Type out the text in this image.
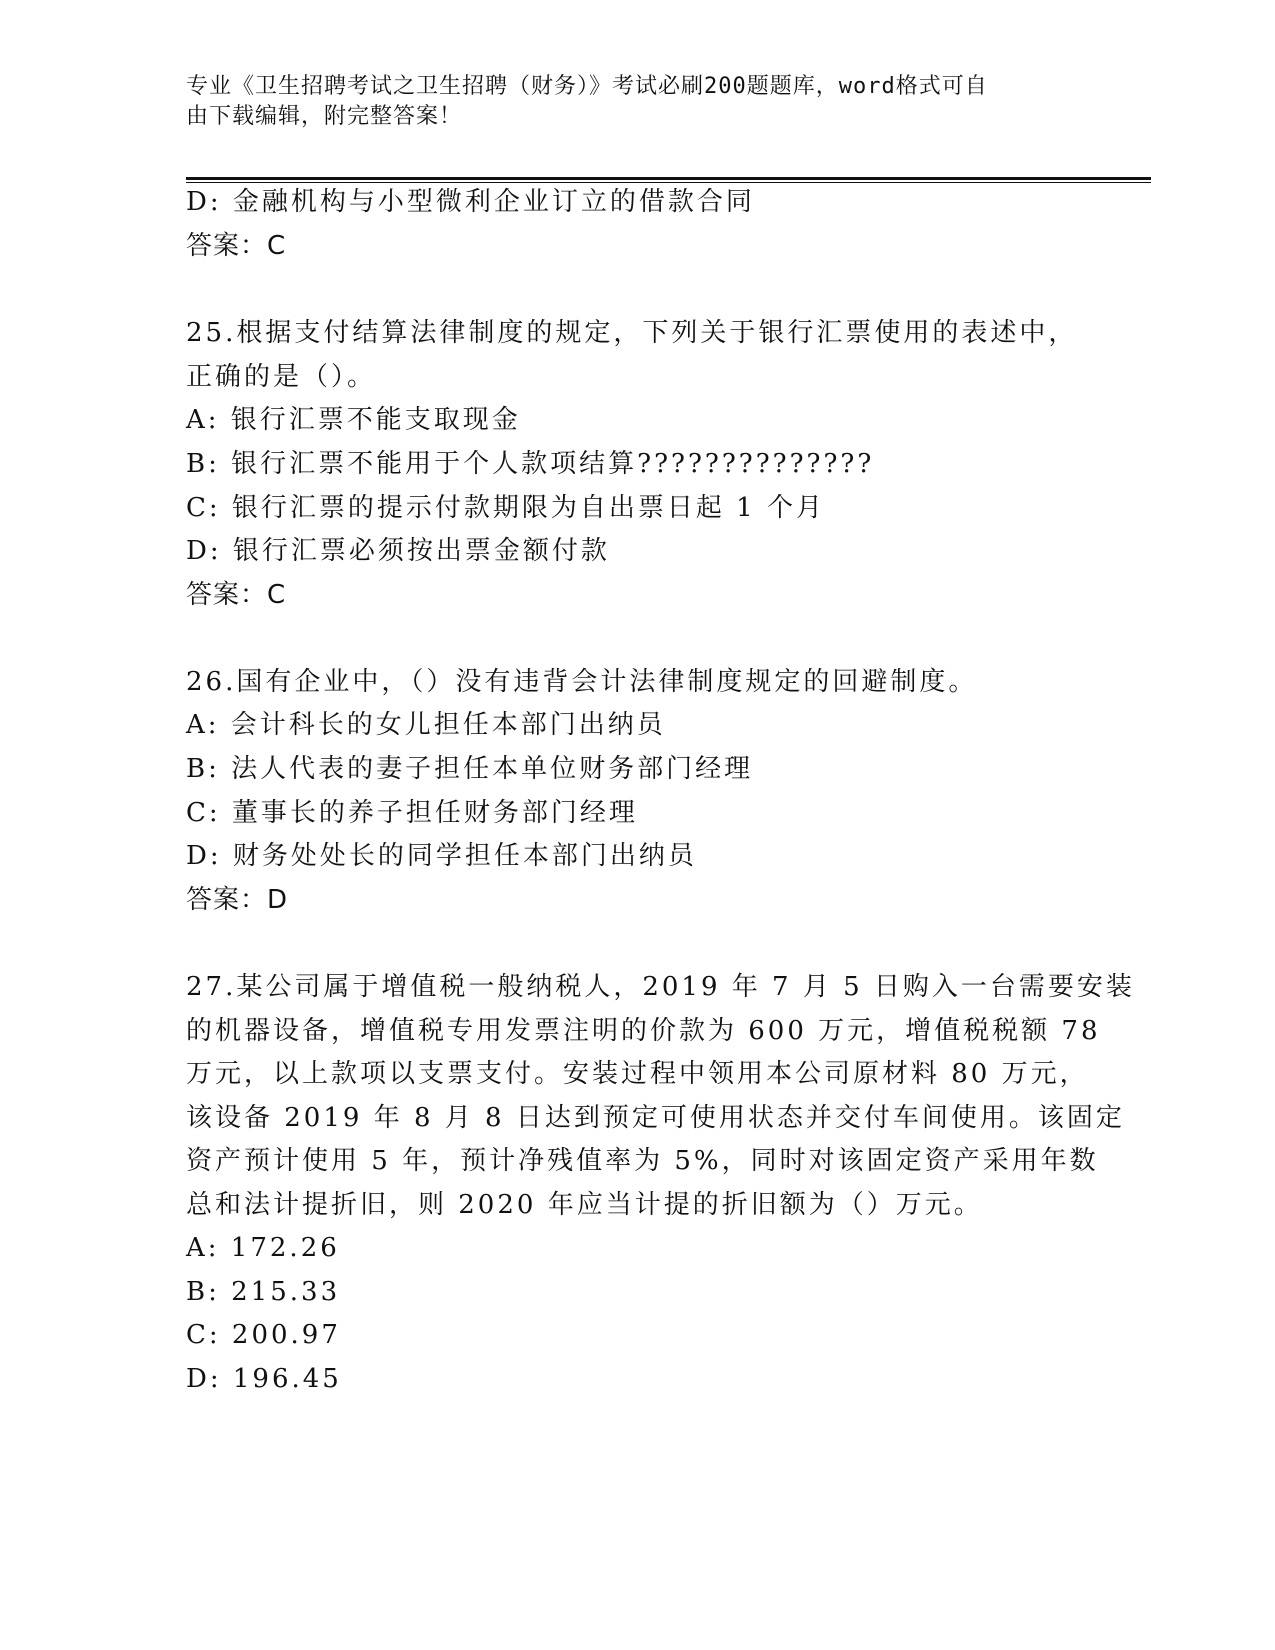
专业《卫生招聘考试之卫生招聘（财务）》考试必刷200题题库，word格式可自
由下载编辑，附完整答案！
D: 金融机构与小型微利企业订立的借款合同
答案：C
25.根据支付结算法律制度的规定，下列关于银行汇票使用的表述中，
正确的是（）。
A: 银行汇票不能支取现金
B: 银行汇票不能用于个人款项结算??????????????
C: 银行汇票的提示付款期限为自出票日起 1 个月
D: 银行汇票必须按出票金额付款
答案：C
26.国有企业中，（）没有违背会计法律制度规定的回避制度。
A: 会计科长的女儿担任本部门出纳员
B: 法人代表的妻子担任本单位财务部门经理
C: 董事长的养子担任财务部门经理
D: 财务处处长的同学担任本部门出纳员
答案：D
27.某公司属于增值税一般纳税人，2019 年 7 月 5 日购入一台需要安装
的机器设备，增值税专用发票注明的价款为 600 万元，增值税税额 78
万元，以上款项以支票支付。安装过程中领用本公司原材料 80 万元，
该设备 2019 年 8 月 8 日达到预定可使用状态并交付车间使用。该固定
资产预计使用 5 年，预计净残值率为 5%，同时对该固定资产采用年数
总和法计提折旧，则 2020 年应当计提的折旧额为（）万元。
A: 172.26
B: 215.33
C: 200.97
D: 196.45
